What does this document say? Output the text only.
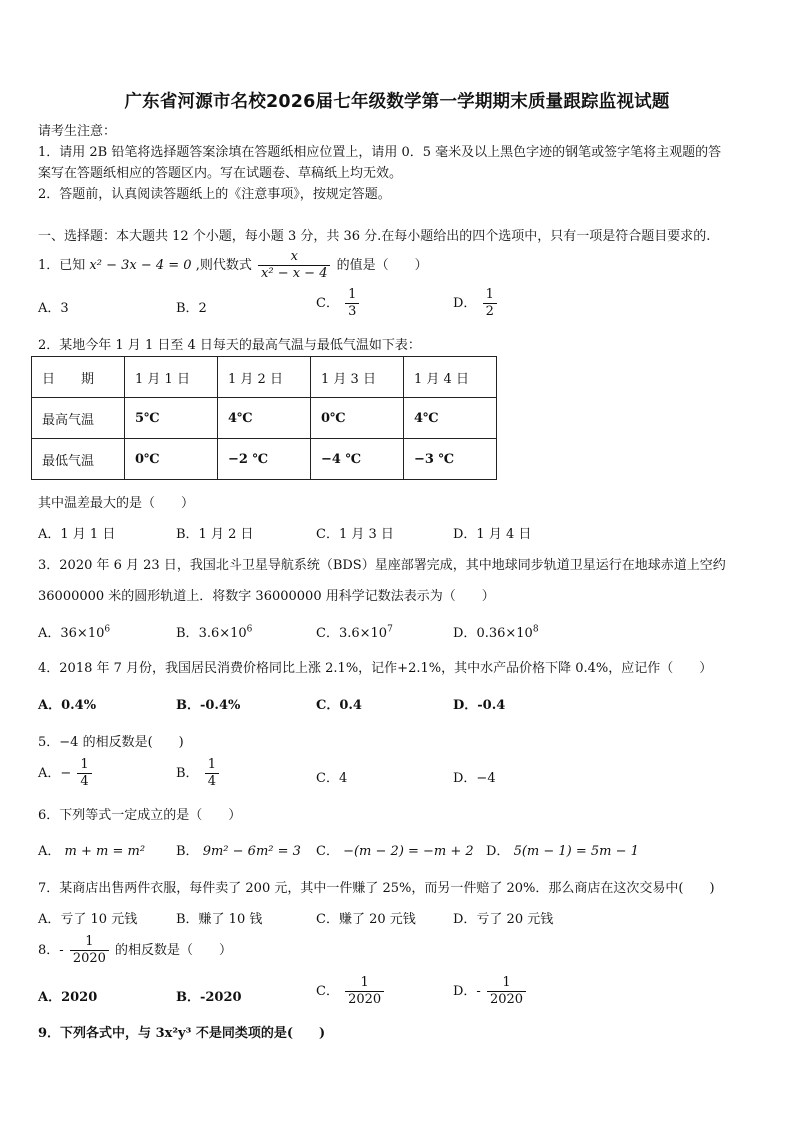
广东省河源市名校2026届七年级数学第一学期期末质量跟踪监视试题
请考生注意：
1．请用 2B 铅笔将选择题答案涂填在答题纸相应位置上，请用 0．5 毫米及以上黑色字迹的钢笔或签字笔将主观题的答
案写在答题纸相应的答题区内。写在试题卷、草稿纸上均无效。
2．答题前，认真阅读答题纸上的《注意事项》，按规定答题。
一、选择题：本大题共 12 个小题，每小题 3 分，共 36 分.在每小题给出的四个选项中，只有一项是符合题目要求的.
1．已知 x² − 3x − 4 = 0 ,则代数式 $\frac{x}{\text{x² − x − 4}}$ 的值是（　　）
A．3	B．2	C． $\frac{1}{3}$	D． $\frac{1}{2}$
2．某地今年 1 月 1 日至 4 日每天的最高气温与最低气温如下表：
日　　期	1 月 1 日	1 月 2 日	1 月 3 日	1 月 4 日
最高气温	5℃	4℃	0℃	4℃
最低气温	0℃	−2 ℃	−4 ℃	−3 ℃
其中温差最大的是（　　）
A．1 月 1 日	B．1 月 2 日	C．1 月 3 日	D．1 月 4 日
3．2020 年 6 月 23 日，我国北斗卫星导航系统（BDS）星座部署完成，其中地球同步轨道卫星运行在地球赤道上空约
36000000 米的圆形轨道上．将数字 36000000 用科学记数法表示为（　　）
A．$36\times 10^6$	B．$3.6\times 10^6$	C．$3.6\times 10^7$	D．$0.36\times 10^8$
4．2018 年 7 月份，我国居民消费价格同比上涨 2.1%，记作+2.1%，其中水产品价格下降 0.4%，应记作（　　）
A．0.4%	B．-0.4%	C．0.4	D．-0.4
5．−4 的相反数是(　　)
A．− $\frac{1}{4}$	B． $\frac{1}{4}$	C．4	D．−4
6．下列等式一定成立的是（　　）
A． m + m = m² B． 9m² − 6m² = 3 C． −(m − 2) = −m + 2 D． 5(m − 1) = 5m − 1
7．某商店出售两件衣服，每件卖了 200 元，其中一件赚了 25%，而另一件赔了 20%．那么商店在这次交易中(　　)
A．亏了 10 元钱	B．赚了 10 钱	C．赚了 20 元钱	D．亏了 20 元钱
8．- $\frac{1}{2020}$ 的相反数是（　　）
A．2020	B．-2020	C． $\frac{1}{2020}$	D．- $\frac{1}{2020}$
9．下列各式中，与 3x²y³ 不是同类项的是(　　)
